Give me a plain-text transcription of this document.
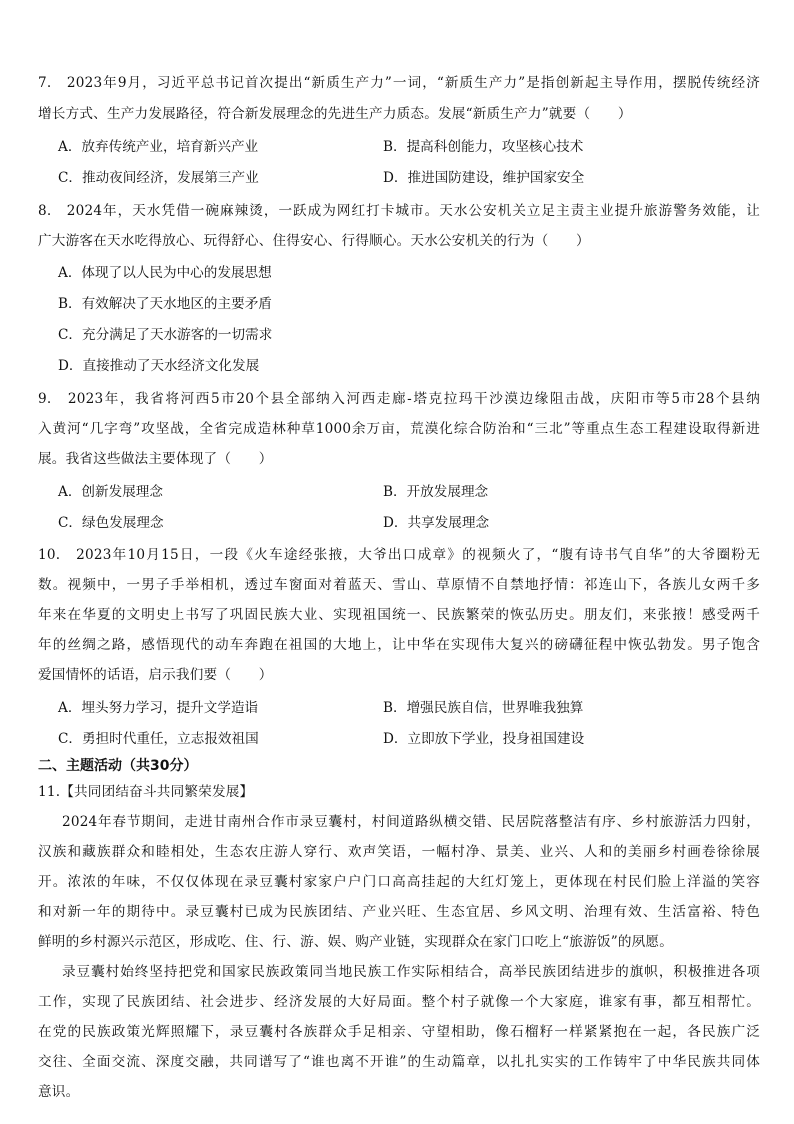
7.　2023年9月，习近平总书记首次提出“新质生产力”一词，“新质生产力”是指创新起主导作用，摆脱传统经济
增长方式、生产力发展路径，符合新发展理念的先进生产力质态。发展“新质生产力”就要（　　）
A．放弃传统产业，培育新兴产业	B．提高科创能力，攻坚核心技术
C．推动夜间经济，发展第三产业	D．推进国防建设，维护国家安全
8.　2024年，天水凭借一碗麻辣烫，一跃成为网红打卡城市。天水公安机关立足主责主业提升旅游警务效能，让
广大游客在天水吃得放心、玩得舒心、住得安心、行得顺心。天水公安机关的行为（　　）
A．体现了以人民为中心的发展思想
B．有效解决了天水地区的主要矛盾
C．充分满足了天水游客的一切需求
D．直接推动了天水经济文化发展
9.　2023年，我省将河西5市20个县全部纳入河西走廊-塔克拉玛干沙漠边缘阻击战，庆阳市等5市28个县纳
入黄河“几字弯”攻坚战，全省完成造林种草1000余万亩，荒漠化综合防治和“三北”等重点生态工程建设取得新进
展。我省这些做法主要体现了（　　）
A．创新发展理念	B．开放发展理念
C．绿色发展理念	D．共享发展理念
10.　2023年10月15日，一段《火车途经张掖，大爷出口成章》的视频火了，“腹有诗书气自华”的大爷圈粉无
数。视频中，一男子手举相机，透过车窗面对着蓝天、雪山、草原情不自禁地抒情：祁连山下，各族儿女两千多
年来在华夏的文明史上书写了巩固民族大业、实现祖国统一、民族繁荣的恢弘历史。朋友们，来张掖！感受两千
年的丝绸之路，感悟现代的动车奔跑在祖国的大地上，让中华在实现伟大复兴的磅礴征程中恢弘勃发。男子饱含
爱国情怀的话语，启示我们要（　　）
A．埋头努力学习，提升文学造诣	B．增强民族自信，世界唯我独算
C．勇担时代重任，立志报效祖国	D．立即放下学业，投身祖国建设
二、主题活动（共30分）
11.【共同团结奋斗共同繁荣发展】
2024年春节期间，走进甘南州合作市录豆囊村，村间道路纵横交错、民居院落整洁有序、乡村旅游活力四射，
汉族和藏族群众和睦相处，生态农庄游人穿行、欢声笑语，一幅村净、景美、业兴、人和的美丽乡村画卷徐徐展
开。浓浓的年味，不仅仅体现在录豆囊村家家户户门口高高挂起的大红灯笼上，更体现在村民们脸上洋溢的笑容
和对新一年的期待中。录豆囊村已成为民族团结、产业兴旺、生态宜居、乡风文明、治理有效、生活富裕、特色
鲜明的乡村源兴示范区，形成吃、住、行、游、娱、购产业链，实现群众在家门口吃上“旅游饭”的夙愿。
录豆囊村始终坚持把党和国家民族政策同当地民族工作实际相结合，高举民族团结进步的旗帜，积极推进各项
工作，实现了民族团结、社会进步、经济发展的大好局面。整个村子就像一个大家庭，谁家有事，都互相帮忙。
在党的民族政策光辉照耀下，录豆囊村各族群众手足相亲、守望相助，像石榴籽一样紧紧抱在一起，各民族广泛
交往、全面交流、深度交融，共同谱写了“谁也离不开谁”的生动篇章，以扎扎实实的工作铸牢了中华民族共同体
意识。
